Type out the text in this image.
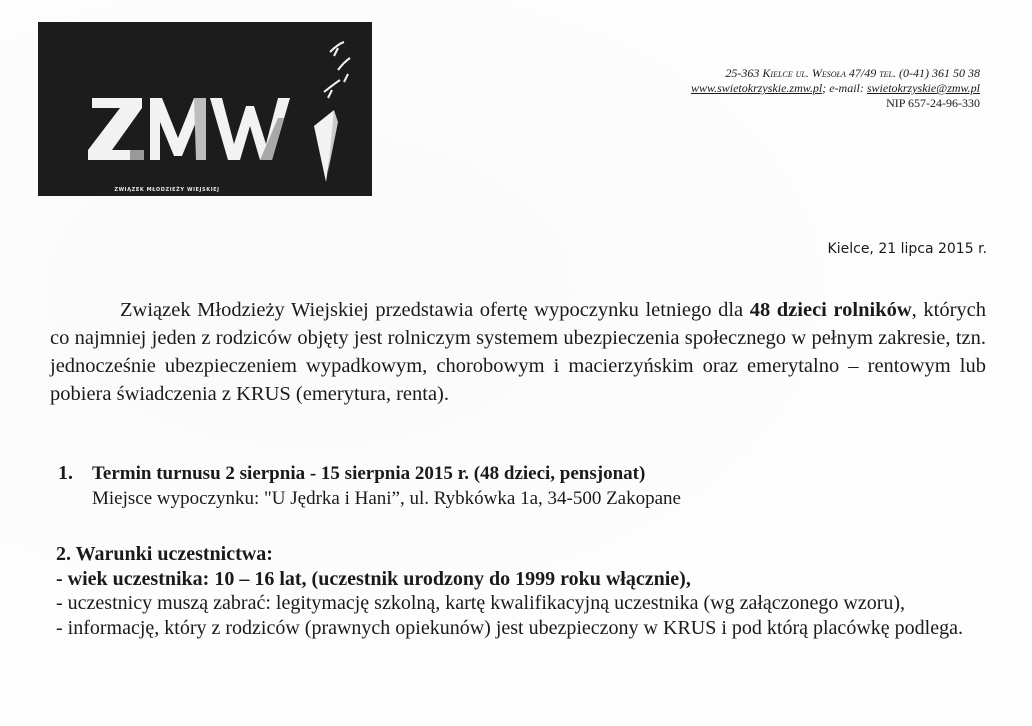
ZWIĄZEK MŁODZIEŻY WIEJSKIEJ
25-363 Kielce ul. Wesoła 47/49 tel. (0-41) 361 50 38
www.swietokrzyskie.zmw.pl; e-mail: swietokrzyskie@zmw.pl
NIP 657-24-96-330
Kielce, 21 lipca 2015 r.

Związek Młodzieży Wiejskiej przedstawia ofertę wypoczynku letniego dla 48 dzieci rolników, których co najmniej jeden z rodziców objęty jest rolniczym systemem ubezpieczenia społecznego w pełnym zakresie, tzn. jednocześnie ubezpieczeniem wypadkowym, chorobowym i macierzyńskim oraz emerytalno – rentowym lub pobiera świadczenia z KRUS (emerytura, renta).

1. Termin turnusu 2 sierpnia - 15 sierpnia 2015 r. (48 dzieci, pensjonat)
Miejsce wypoczynku: "U Jędrka i Hani”, ul. Rybkówka 1a, 34-500 Zakopane
2. Warunki uczestnictwa:
- wiek uczestnika: 10 – 16 lat, (uczestnik urodzony do 1999 roku włącznie),
- uczestnicy muszą zabrać: legitymację szkolną, kartę kwalifikacyjną uczestnika (wg załączonego wzoru),
- informację, który z rodziców (prawnych opiekunów) jest ubezpieczony w KRUS i pod którą placówkę podlega.
